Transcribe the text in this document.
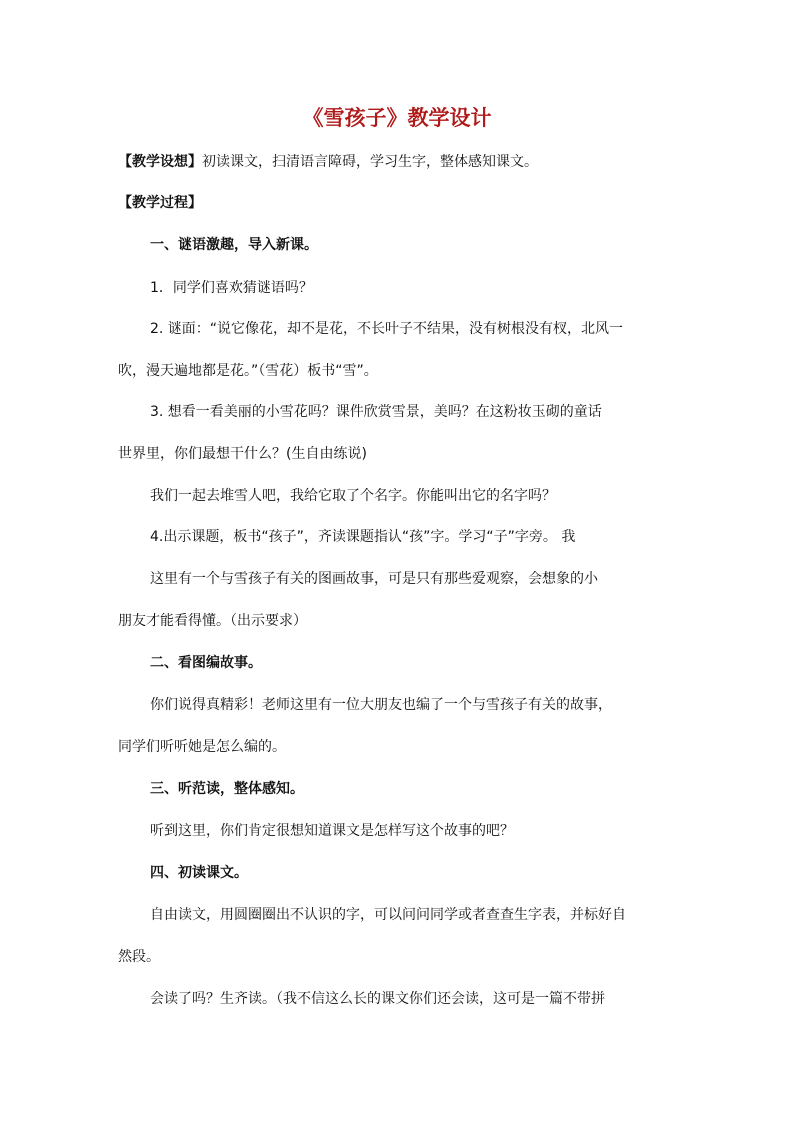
《雪孩子》教学设计
【教学设想】初读课文，扫清语言障碍，学习生字，整体感知课文。
【教学过程】
一、谜语激趣，导入新课。
1．同学们喜欢猜谜语吗？
2. 谜面：“说它像花，却不是花，不长叶子不结果，没有树根没有杈，北风一
吹，漫天遍地都是花。”（雪花）板书“雪”。
3. 想看一看美丽的小雪花吗？课件欣赏雪景，美吗？在这粉妆玉砌的童话
世界里，你们最想干什么？(生自由练说)
我们一起去堆雪人吧，我给它取了个名字。你能叫出它的名字吗？
4.出示课题，板书“孩子”，齐读课题指认“孩”字。学习“子”字旁。 我
这里有一个与雪孩子有关的图画故事，可是只有那些爱观察，会想象的小
朋友才能看得懂。（出示要求）
二、看图编故事。
你们说得真精彩！老师这里有一位大朋友也编了一个与雪孩子有关的故事，
同学们听听她是怎么编的。
三、听范读，整体感知。
听到这里，你们肯定很想知道课文是怎样写这个故事的吧？
四、初读课文。
自由读文，用圆圈圈出不认识的字，可以问问同学或者查查生字表，并标好自
然段。
会读了吗？生齐读。（我不信这么长的课文你们还会读，这可是一篇不带拼
